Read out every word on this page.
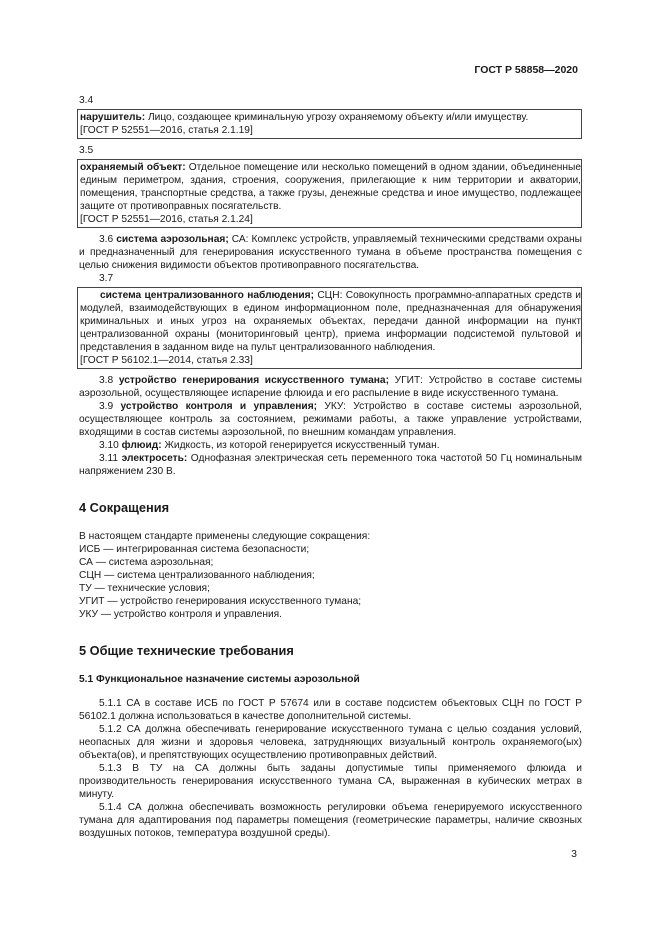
ГОСТ Р 58858—2020

3.4

нарушитель: Лицо, создающее криминальную угрозу охраняемому объекту и/или имуществу.

[ГОСТ Р 52551—2016, статья 2.1.19]

3.5

охраняемый объект: Отдельное помещение или несколько помещений в одном здании, объединенные единым периметром, здания, строения, сооружения, прилегающие к ним территории и акватории, помещения, транспортные средства, а также грузы, денежные средства и иное имущество, подлежащее защите от противоправных посягательств.

[ГОСТ Р 52551—2016, статья 2.1.24]

3.6 система аэрозольная; СА: Комплекс устройств, управляемый техническими средствами охраны и предназначенный для генерирования искусственного тумана в объеме пространства помещения с целью снижения видимости объектов противоправного посягательства.

3.7

система централизованного наблюдения; СЦН: Совокупность программно-аппаратных средств и модулей, взаимодействующих в едином информационном поле, предназначенная для обнаружения криминальных и иных угроз на охраняемых объектах, передачи данной информации на пункт централизованной охраны (мониторинговый центр), приема информации подсистемой пультовой и представления в заданном виде на пульт централизованного наблюдения.

[ГОСТ Р 56102.1—2014, статья 2.33]

3.8 устройство генерирования искусственного тумана; УГИТ: Устройство в составе системы аэрозольной, осуществляющее испарение флюида и его распыление в виде искусственного тумана.

3.9 устройство контроля и управления; УКУ: Устройство в составе системы аэрозольной, осуществляющее контроль за состоянием, режимами работы, а также управление устройствами, входящими в состав системы аэрозольной, по внешним командам управления.

3.10 флюид: Жидкость, из которой генерируется искусственный туман.

3.11 электросеть: Однофазная электрическая сеть переменного тока частотой 50 Гц номинальным напряжением 230 В.

4 Сокращения

В настоящем стандарте применены следующие сокращения:

ИСБ — интегрированная система безопасности;

СА — система аэрозольная;

СЦН — система централизованного наблюдения;

ТУ — технические условия;

УГИТ — устройство генерирования искусственного тумана;

УКУ — устройство контроля и управления.

5 Общие технические требования

5.1 Функциональное назначение системы аэрозольной

5.1.1 СА в составе ИСБ по ГОСТ Р 57674 или в составе подсистем объектовых СЦН по ГОСТ Р 56102.1 должна использоваться в качестве дополнительной системы.

5.1.2 СА должна обеспечивать генерирование искусственного тумана с целью создания условий, неопасных для жизни и здоровья человека, затрудняющих визуальный контроль охраняемого(ых) объекта(ов), и препятствующих осуществлению противоправных действий.

5.1.3 В ТУ на СА должны быть заданы допустимые типы применяемого флюида и производительность генерирования искусственного тумана СА, выраженная в кубических метрах в минуту.

5.1.4 СА должна обеспечивать возможность регулировки объема генерируемого искусственного тумана для адаптирования под параметры помещения (геометрические параметры, наличие сквозных воздушных потоков, температура воздушной среды).

3
